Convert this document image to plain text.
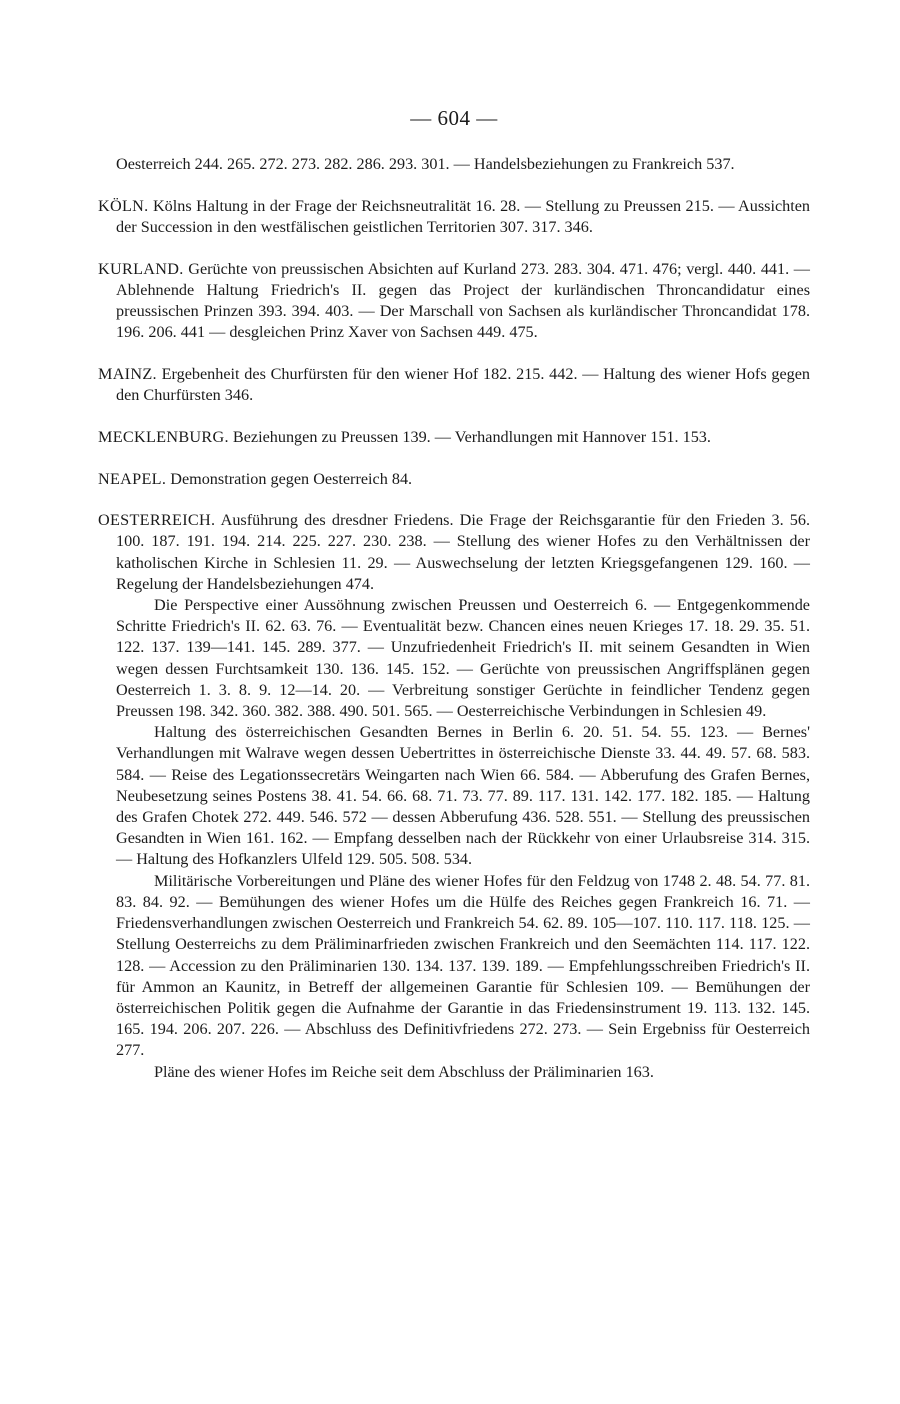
— 604 —

Oesterreich 244. 265. 272. 273. 282. 286. 293. 301. — Handelsbeziehungen zu Frankreich 537.

KÖLN. Kölns Haltung in der Frage der Reichsneutralität 16. 28. — Stellung zu Preussen 215. — Aussichten der Succession in den westfälischen geistlichen Territorien 307. 317. 346.
KURLAND. Gerüchte von preussischen Absichten auf Kurland 273. 283. 304. 471. 476; vergl. 440. 441. — Ablehnende Haltung Friedrich's II. gegen das Project der kurländischen Throncandidatur eines preussischen Prinzen 393. 394. 403. — Der Marschall von Sachsen als kurländischer Throncandidat 178. 196. 206. 441 — desgleichen Prinz Xaver von Sachsen 449. 475.
MAINZ. Ergebenheit des Churfürsten für den wiener Hof 182. 215. 442. — Haltung des wiener Hofs gegen den Churfürsten 346.
MECKLENBURG. Beziehungen zu Preussen 139. — Verhandlungen mit Hannover 151. 153.
NEAPEL. Demonstration gegen Oesterreich 84.

OESTERREICH. Ausführung des dresdner Friedens. Die Frage der Reichsgarantie für den Frieden 3. 56. 100. 187. 191. 194. 214. 225. 227. 230. 238. — Stellung des wiener Hofes zu den Verhältnissen der katholischen Kirche in Schlesien 11. 29. — Auswechselung der letzten Kriegsgefangenen 129. 160. — Regelung der Handelsbeziehungen 474.

Die Perspective einer Aussöhnung zwischen Preussen und Oesterreich 6. — Entgegenkommende Schritte Friedrich's II. 62. 63. 76. — Eventualität bezw. Chancen eines neuen Krieges 17. 18. 29. 35. 51. 122. 137. 139—141. 145. 289. 377. — Unzufriedenheit Friedrich's II. mit seinem Gesandten in Wien wegen dessen Furchtsamkeit 130. 136. 145. 152. — Gerüchte von preussischen Angriffsplänen gegen Oesterreich 1. 3. 8. 9. 12—14. 20. — Verbreitung sonstiger Gerüchte in feindlicher Tendenz gegen Preussen 198. 342. 360. 382. 388. 490. 501. 565. — Oesterreichische Verbindungen in Schlesien 49.

Haltung des österreichischen Gesandten Bernes in Berlin 6. 20. 51. 54. 55. 123. — Bernes' Verhandlungen mit Walrave wegen dessen Uebertrittes in österreichische Dienste 33. 44. 49. 57. 68. 583. 584. — Reise des Legationssecretärs Weingarten nach Wien 66. 584. — Abberufung des Grafen Bernes, Neubesetzung seines Postens 38. 41. 54. 66. 68. 71. 73. 77. 89. 117. 131. 142. 177. 182. 185. — Haltung des Grafen Chotek 272. 449. 546. 572 — dessen Abberufung 436. 528. 551. — Stellung des preussischen Gesandten in Wien 161. 162. — Empfang desselben nach der Rückkehr von einer Urlaubsreise 314. 315. — Haltung des Hofkanzlers Ulfeld 129. 505. 508. 534.

Militärische Vorbereitungen und Pläne des wiener Hofes für den Feldzug von 1748 2. 48. 54. 77. 81. 83. 84. 92. — Bemühungen des wiener Hofes um die Hülfe des Reiches gegen Frankreich 16. 71. — Friedensverhandlungen zwischen Oesterreich und Frankreich 54. 62. 89. 105—107. 110. 117. 118. 125. — Stellung Oesterreichs zu dem Präliminarfrieden zwischen Frankreich und den Seemächten 114. 117. 122. 128. — Accession zu den Präliminarien 130. 134. 137. 139. 189. — Empfehlungsschreiben Friedrich's II. für Ammon an Kaunitz, in Betreff der allgemeinen Garantie für Schlesien 109. — Bemühungen der österreichischen Politik gegen die Aufnahme der Garantie in das Friedensinstrument 19. 113. 132. 145. 165. 194. 206. 207. 226. — Abschluss des Definitivfriedens 272. 273. — Sein Ergebniss für Oesterreich 277.

Pläne des wiener Hofes im Reiche seit dem Abschluss der Präliminarien 163.
